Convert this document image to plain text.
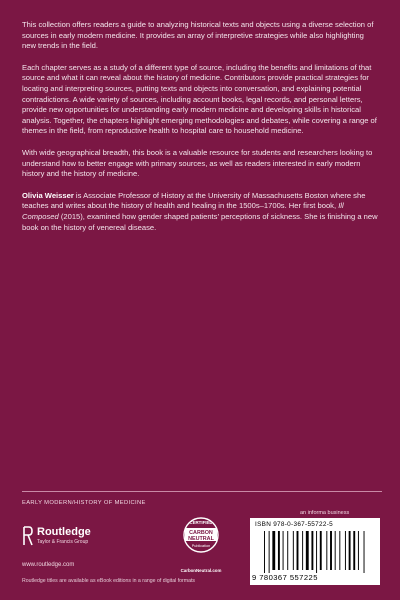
This collection offers readers a guide to analyzing historical texts and objects using a diverse selection of sources in early modern medicine. It provides an array of interpretive strategies while also highlighting new trends in the field.

Each chapter serves as a study of a different type of source, including the benefits and limitations of that source and what it can reveal about the history of medicine. Contributors provide practical strategies for locating and interpreting sources, putting texts and objects into conversation, and explaining potential contradictions. A wide variety of sources, including account books, legal records, and personal letters, provide new opportunities for understanding early modern medicine and developing skills in historical analysis. Together, the chapters highlight emerging methodologies and debates, while covering a range of themes in the field, from reproductive health to hospital care to household medicine.

With wide geographical breadth, this book is a valuable resource for students and researchers looking to understand how to better engage with primary sources, as well as readers interested in early modern history and the history of medicine.

Olivia Weisser is Associate Professor of History at the University of Massachusetts Boston where she teaches and writes about the history of health and healing in the 1500s–1700s. Her first book, Ill Composed (2015), examined how gender shaped patients’ perceptions of sickness. She is finishing a new book on the history of venereal disease.

EARLY MODERN/HISTORY OF MEDICINE
Routledge
Taylor & Francis Group
www.routledge.com
Routledge titles are available as eBook editions in a range of digital formats
CERTIFIED
CARBON
NEUTRAL
Publication
CarbonNeutral.com
an informa business
ISBN 978-0-367-55722-5
9 780367 557225
